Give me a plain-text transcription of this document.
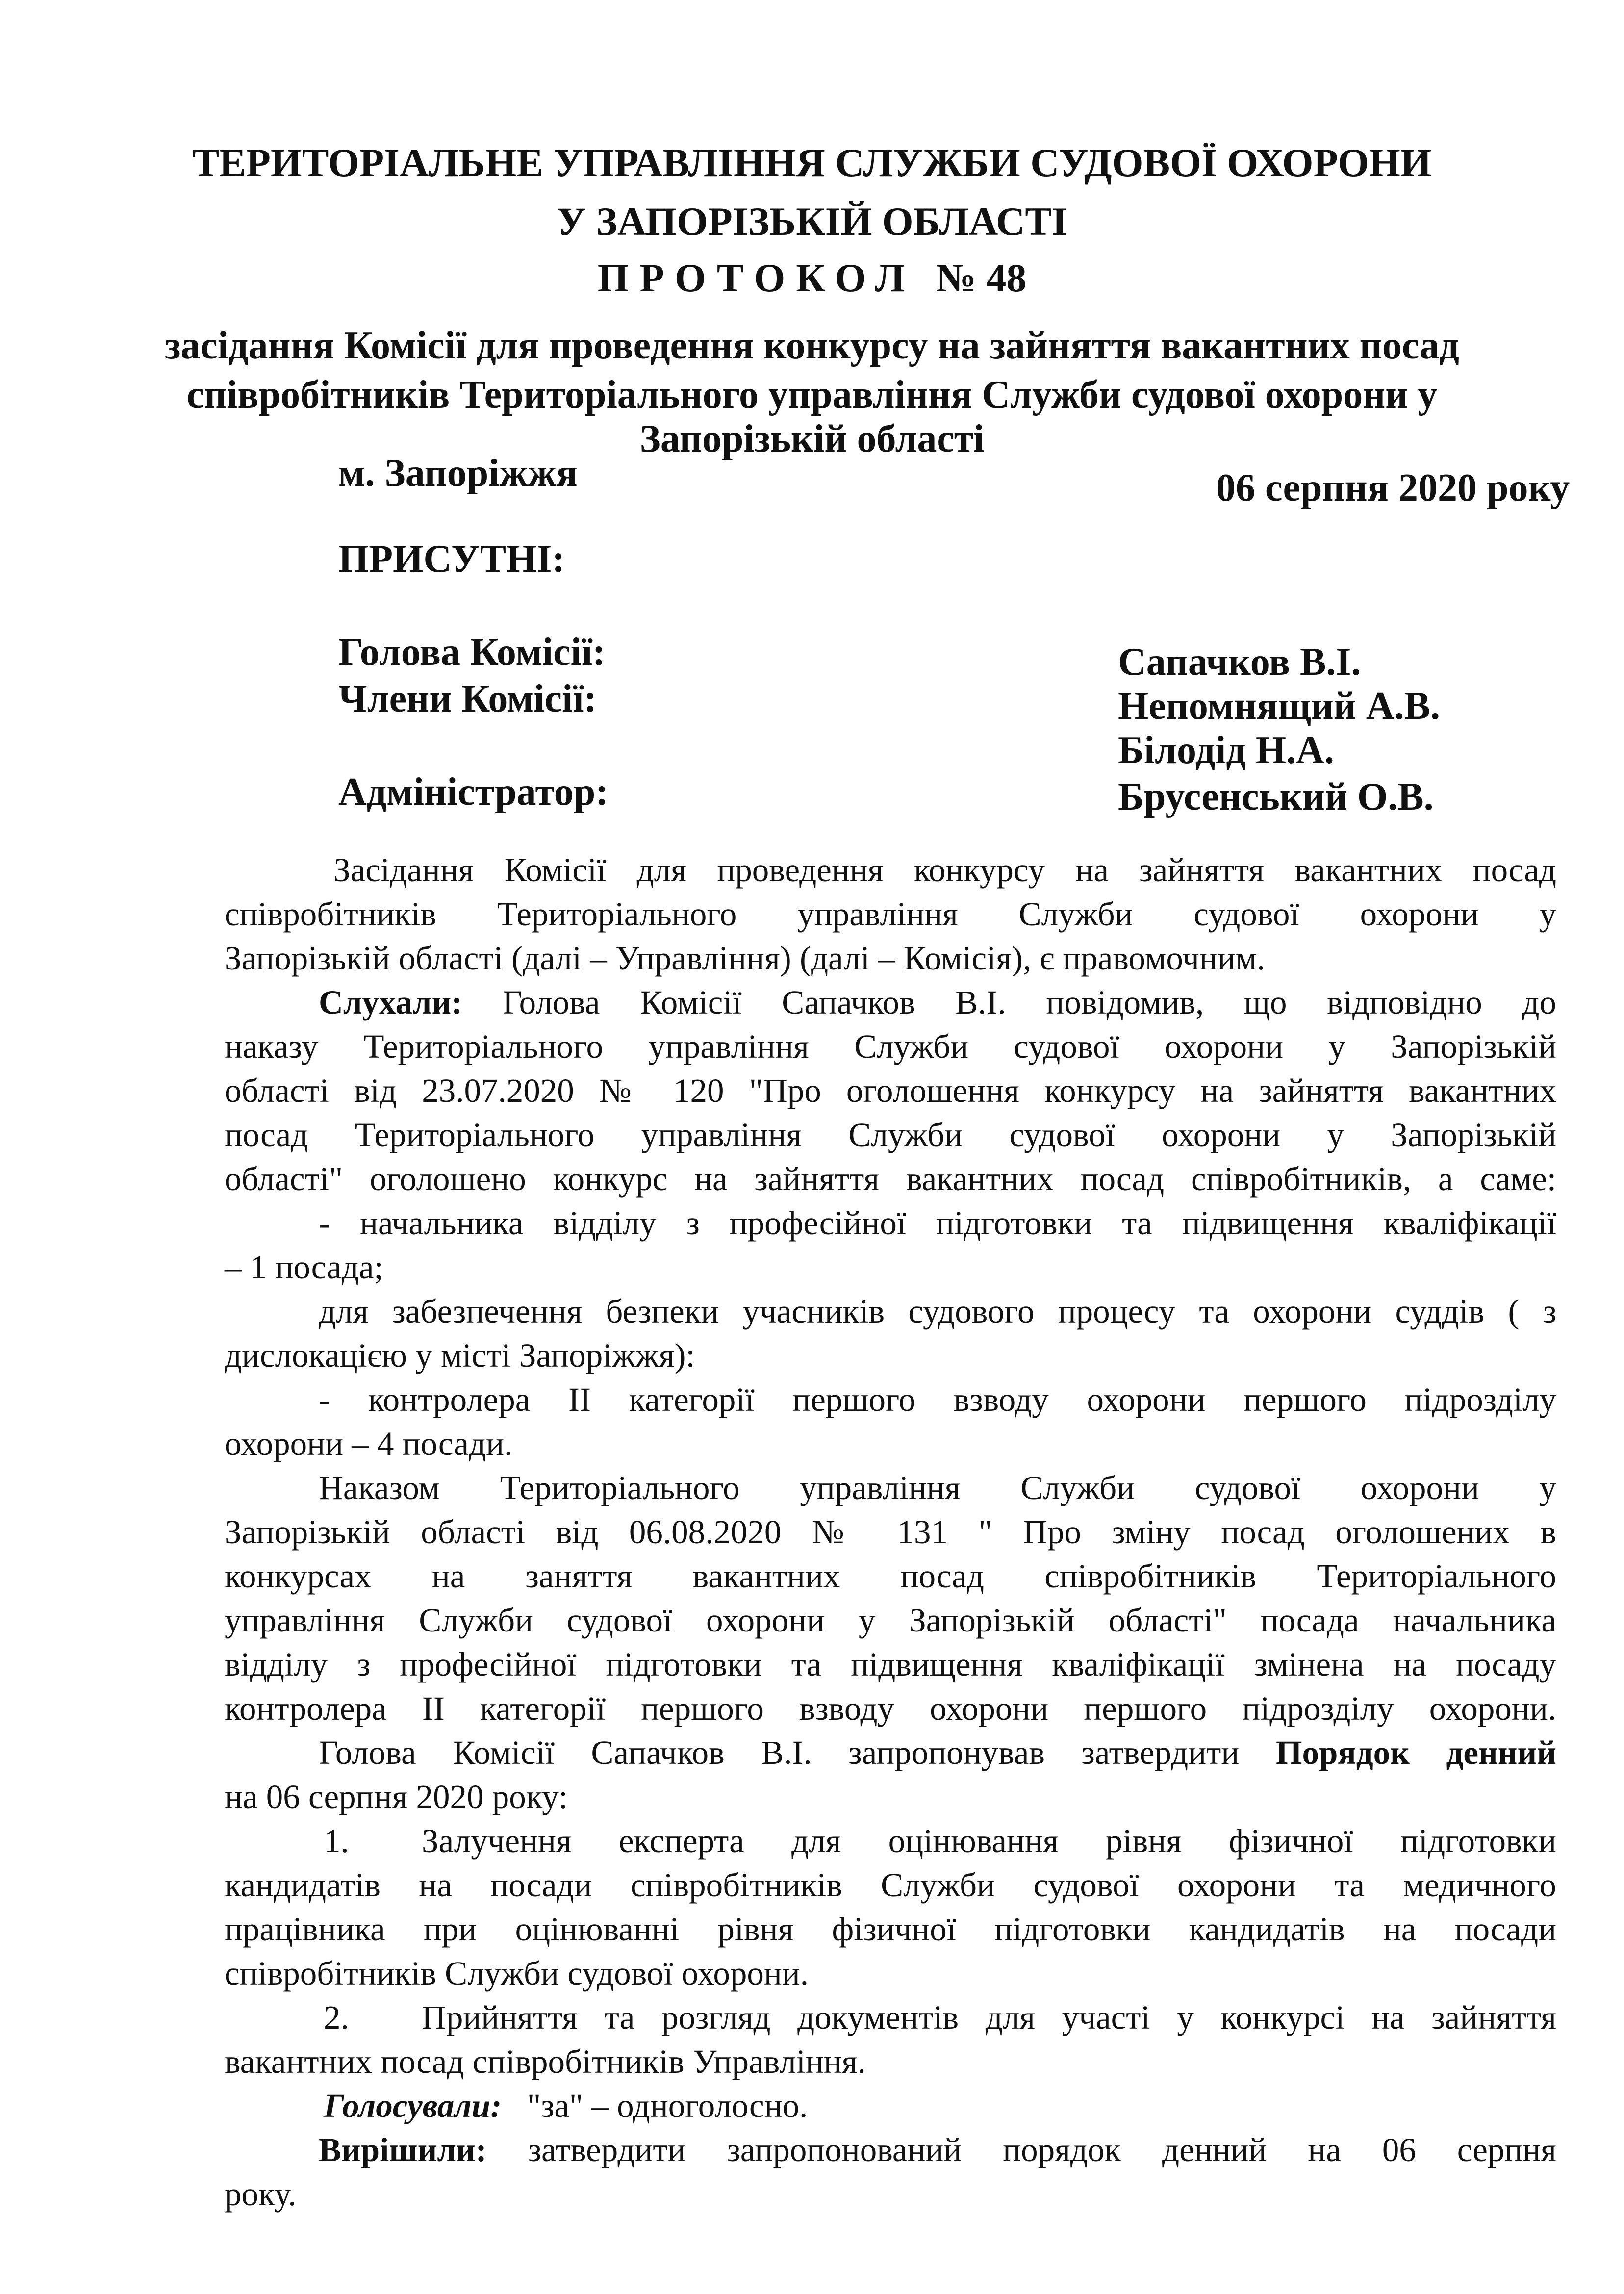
ТЕРИТОРІАЛЬНЕ УПРАВЛІННЯ СЛУЖБИ СУДОВОЇ ОХОРОНИ
У ЗАПОРІЗЬКІЙ ОБЛАСТІ
ПРОТОКОЛ № 48
засідання Комісії для проведення конкурсу на зайняття вакантних посад
співробітників Територіального управління Служби судової охорони у
Запорізькій області
м. Запоріжжя	06 серпня 2020 року
ПРИСУТНІ:
Голова Комісії:
Члени Комісії:
Адміністратор:
Сапачков В.І.
Непомнящий А.В.
Білодід Н.А.
Брусенський О.В.
Засідання Комісії для проведення конкурсу на зайняття вакантних посад
співробітників Територіального управління Служби судової охорони у
Запорізькій області (далі – Управління) (далі – Комісія), є правомочним.
Слухали: Голова Комісії Сапачков В.І. повідомив, що відповідно до
наказу Територіального управління Служби судової охорони у Запорізькій
області від 23.07.2020 № 120 "Про оголошення конкурсу на зайняття вакантних
посад Територіального управління Служби судової охорони у Запорізькій
області" оголошено конкурс на зайняття вакантних посад співробітників, а саме:
- начальника відділу з професійної підготовки та підвищення кваліфікації
– 1 посада;
для забезпечення безпеки учасників судового процесу та охорони суддів ( з
дислокацією у місті Запоріжжя):
- контролера ІІ категорії першого взводу охорони першого підрозділу
охорони – 4 посади.
Наказом Територіального управління Служби судової охорони у
Запорізькій області від 06.08.2020 № 131 " Про зміну посад оголошених в
конкурсах на заняття вакантних посад співробітників Територіального
управління Служби судової охорони у Запорізькій області" посада начальника
відділу з професійної підготовки та підвищення кваліфікації змінена на посаду
контролера ІІ категорії першого взводу охорони першого підрозділу охорони.
Голова Комісії Сапачков В.І. запропонував затвердити Порядок денний
на 06 серпня 2020 року:
1. Залучення експерта для оцінювання рівня фізичної підготовки
кандидатів на посади співробітників Служби судової охорони та медичного
працівника при оцінюванні рівня фізичної підготовки кандидатів на посади
співробітників Служби судової охорони.
2. Прийняття та розгляд документів для участі у конкурсі на зайняття
вакантних посад співробітників Управління.
Голосували: "за" – одноголосно.
Вирішили: затвердити запропонований порядок денний на 06 серпня
року.
